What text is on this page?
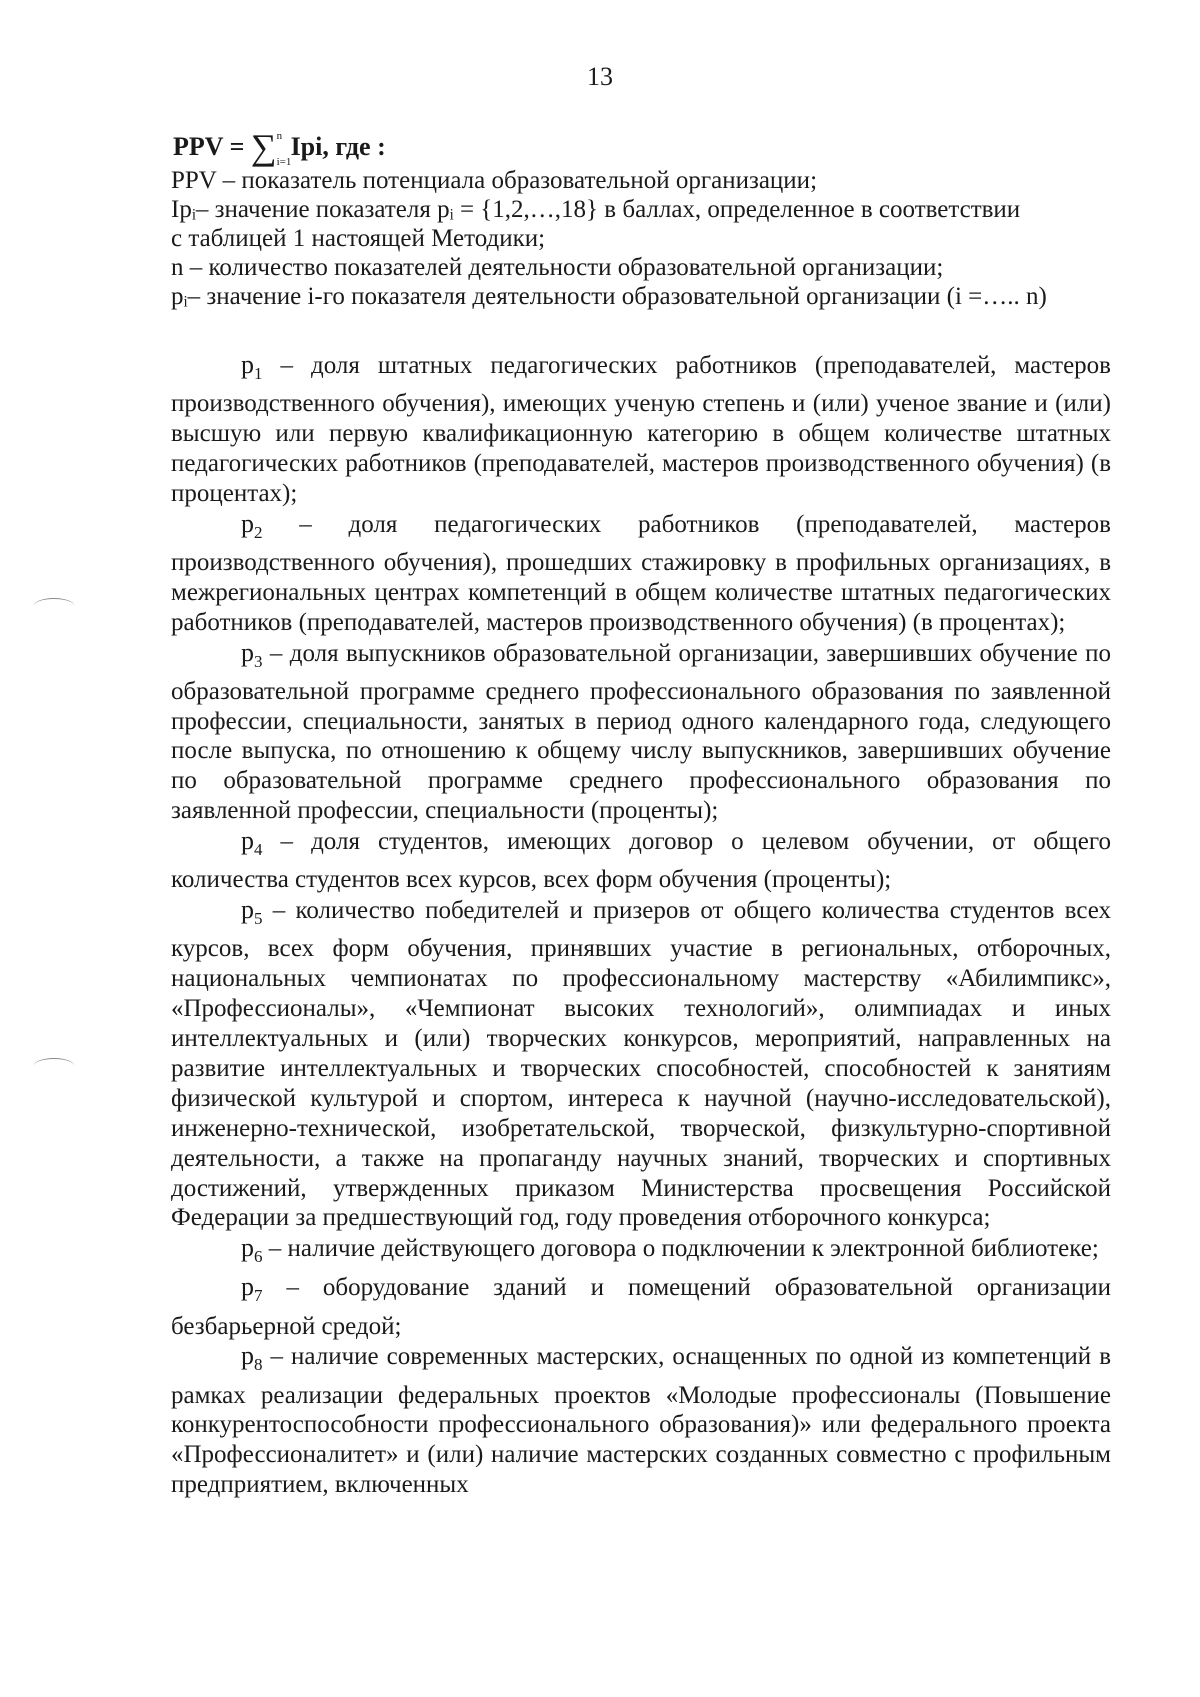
13
PPV = ∑ n
i=1
Ipi, где :
PPV – показатель потенциала образовательной организации;
Ipᵢ– значение показателя pᵢ = {1,2,…,18} в баллах, определенное в соответствии
с таблицей 1 настоящей Методики;
n – количество показателей деятельности образовательной организации;
pᵢ– значение i-го показателя деятельности образовательной организации (i =….. n)

$p_1$ – доля штатных педагогических работников (преподавателей, мастеров производственного обучения), имеющих ученую степень и (или) ученое звание и (или) высшую или первую квалификационную категорию в общем количестве штатных педагогических работников (преподавателей, мастеров производственного обучения) (в процентах);

$p_2$ – доля педагогических работников (преподавателей, мастеров производственного обучения), прошедших стажировку в профильных организациях, в межрегиональных центрах компетенций в общем количестве штатных педагогических работников (преподавателей, мастеров производственного обучения) (в процентах);

$p_3$ – доля выпускников образовательной организации, завершивших обучение по образовательной программе среднего профессионального образования по заявленной профессии, специальности, занятых в период одного календарного года, следующего после выпуска, по отношению к общему числу выпускников, завершивших обучение по образовательной программе среднего профессионального образования по заявленной профессии, специальности (проценты);

$p_4$ – доля студентов, имеющих договор о целевом обучении, от общего количества студентов всех курсов, всех форм обучения (проценты);

$p_5$ – количество победителей и призеров от общего количества студентов всех курсов, всех форм обучения, принявших участие в региональных, отборочных, национальных чемпионатах по профессиональному мастерству «Абилимпикс», «Профессионалы», «Чемпионат высоких технологий», олимпиадах и иных интеллектуальных и (или) творческих конкурсов, мероприятий, направленных на развитие интеллектуальных и творческих способностей, способностей к занятиям физической культурой и спортом, интереса к научной (научно-исследовательской), инженерно-технической, изобретательской, творческой, физкультурно-спортивной деятельности, а также на пропаганду научных знаний, творческих и спортивных достижений, утвержденных приказом Министерства просвещения Российской Федерации за предшествующий год, году проведения отборочного конкурса;

$p_6$ – наличие действующего договора о подключении к электронной библиотеке;

$p_7$ – оборудование зданий и помещений образовательной организации безбарьерной средой;

$p_8$ – наличие современных мастерских, оснащенных по одной из компетенций в рамках реализации федеральных проектов «Молодые профессионалы (Повышение конкурентоспособности профессионального образования)» или федерального проекта «Профессионалитет» и (или) наличие мастерских созданных совместно с профильным предприятием, включенных
